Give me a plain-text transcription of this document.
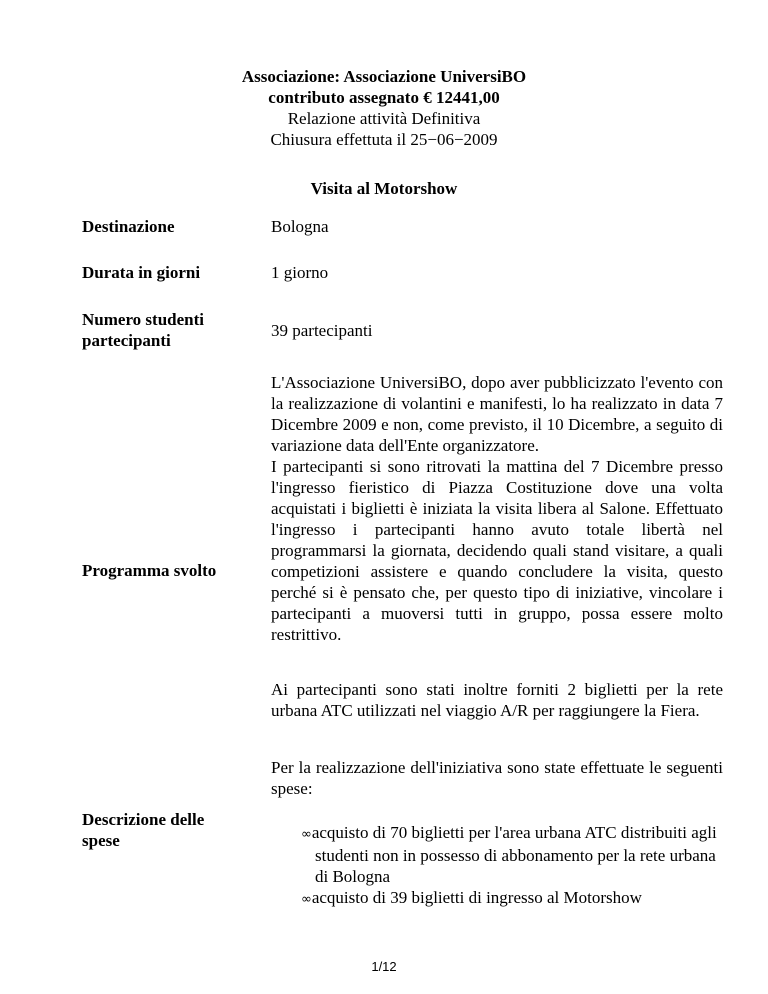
Associazione: Associazione UniversiBO
contributo assegnato € 12441,00
Relazione attività Definitiva
Chiusura effettuta il 25−06−2009
Visita al Motorshow
Destinazione	Bologna
Durata in giorni	1 giorno
Numero studenti
partecipanti
39 partecipanti
Programma svolto

L'Associazione UniversiBO, dopo aver pubblicizzato l'evento con la realizzazione di volantini e manifesti, lo ha realizzato in data 7 Dicembre 2009 e non, come previsto, il 10 Dicembre, a seguito di variazione data dell'Ente organizzatore.

I partecipanti si sono ritrovati la mattina del 7 Dicembre presso l'ingresso fieristico di Piazza Costituzione dove una volta acquistati i biglietti è iniziata la visita libera al Salone. Effettuato l'ingresso i partecipanti hanno avuto totale libertà nel programmarsi la giornata, decidendo quali stand visitare, a quali competizioni assistere e quando concludere la visita, questo perché si è pensato che, per questo tipo di iniziative, vincolare i partecipanti a muoversi tutti in gruppo, possa essere molto restrittivo.

Ai partecipanti sono stati inoltre forniti 2 biglietti per la rete urbana ATC utilizzati nel viaggio A/R per raggiungere la Fiera.
Descrizione delle
spese
Per la realizzazione dell'iniziativa sono state effettuate le seguenti spese:
∞acquisto di 70 biglietti per l'area urbana ATC distribuiti agli studenti non in possesso di abbonamento per la rete urbana di Bologna
∞acquisto di 39 biglietti di ingresso al Motorshow
1/12
